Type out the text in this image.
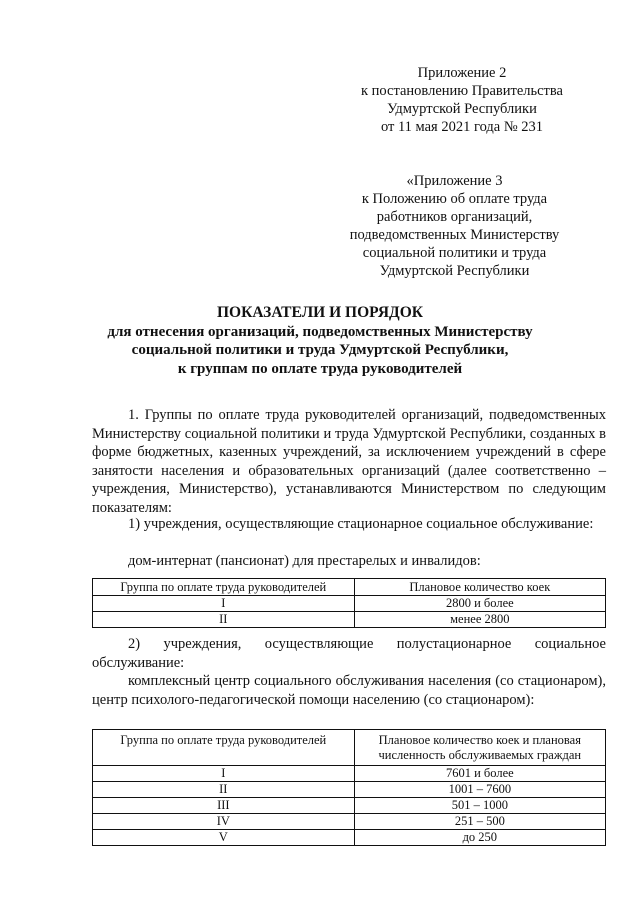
Приложение 2
к постановлению Правительства
Удмуртской Республики
от 11 мая 2021 года № 231
«Приложение 3
к Положению об оплате труда
работников организаций,
подведомственных Министерству
социальной политики и труда
Удмуртской Республики
ПОКАЗАТЕЛИ И ПОРЯДОК
для отнесения организаций, подведомственных Министерству
социальной политики и труда Удмуртской Республики,
к группам по оплате труда руководителей
1. Группы по оплате труда руководителей организаций, подведомственных Министерству социальной политики и труда Удмуртской Республики, созданных в форме бюджетных, казенных учреждений, за исключением учреждений в сфере занятости населения и образовательных организаций (далее соответственно – учреждения, Министерство), устанавливаются Министерством по следующим показателям:
1) учреждения, осуществляющие стационарное социальное обслуживание:
дом-интернат (пансионат) для престарелых и инвалидов:
Группа по оплате труда руководителей	Плановое количество коек
I	2800 и более
II	менее 2800
2) учреждения, осуществляющие полустационарное социальное обслуживание:
комплексный центр социального обслуживания населения (со стационаром), центр психолого-педагогической помощи населению (со стационаром):
Группа по оплате труда руководителей	Плановое количество коек и плановая численность обслуживаемых граждан
I	7601 и более
II	1001 – 7600
III	501 – 1000
IV	251 – 500
V	до 250
